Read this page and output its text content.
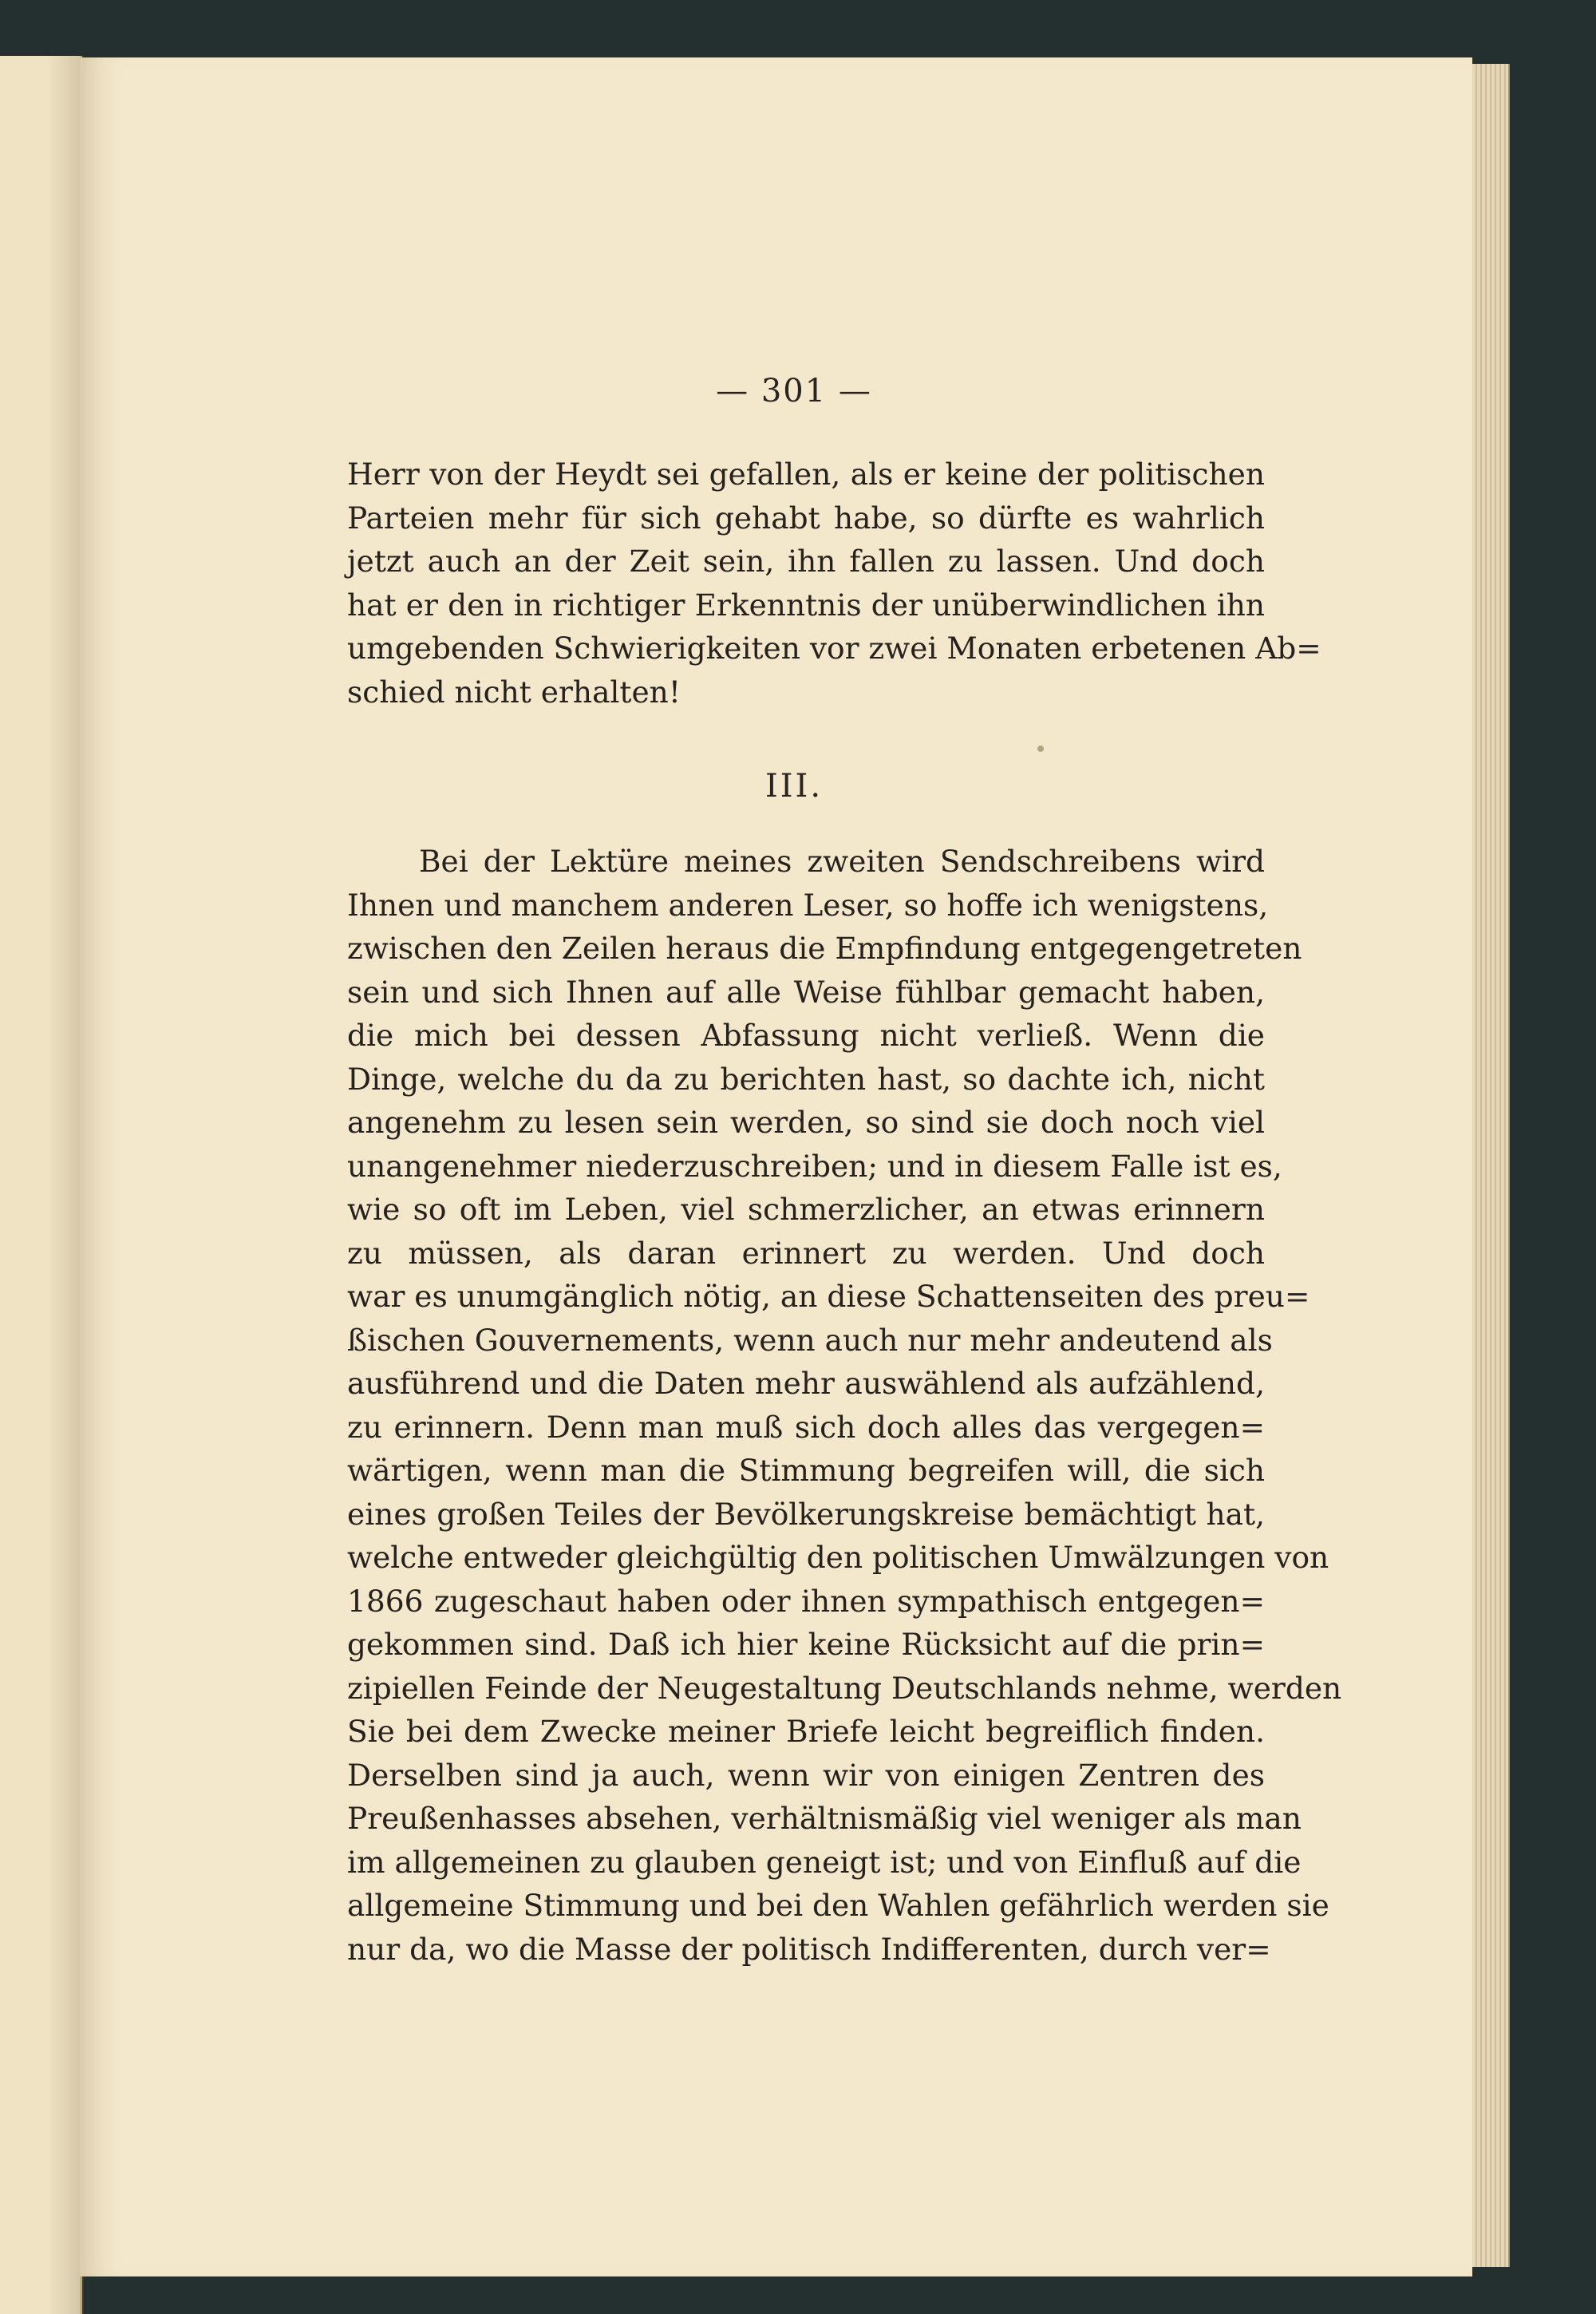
— 301 —
Herr von der Heydt sei gefallen, als er keine der politischen
Parteien mehr für sich gehabt habe, so dürfte es wahrlich
jetzt auch an der Zeit sein, ihn fallen zu lassen. Und doch
hat er den in richtiger Erkenntnis der unüberwindlichen ihn
umgebenden Schwierigkeiten vor zwei Monaten erbetenen Ab=
schied nicht erhalten!
III.
Bei der Lektüre meines zweiten Sendschreibens wird
Ihnen und manchem anderen Leser, so hoffe ich wenigstens,
zwischen den Zeilen heraus die Empfindung entgegengetreten
sein und sich Ihnen auf alle Weise fühlbar gemacht haben,
die mich bei dessen Abfassung nicht verließ. Wenn die
Dinge, welche du da zu berichten hast, so dachte ich, nicht
angenehm zu lesen sein werden, so sind sie doch noch viel
unangenehmer niederzuschreiben; und in diesem Falle ist es,
wie so oft im Leben, viel schmerzlicher, an etwas erinnern
zu müssen, als daran erinnert zu werden. Und doch
war es unumgänglich nötig, an diese Schattenseiten des preu=
ßischen Gouvernements, wenn auch nur mehr andeutend als
ausführend und die Daten mehr auswählend als aufzählend,
zu erinnern. Denn man muß sich doch alles das vergegen=
wärtigen, wenn man die Stimmung begreifen will, die sich
eines großen Teiles der Bevölkerungskreise bemächtigt hat,
welche entweder gleichgültig den politischen Umwälzungen von
1866 zugeschaut haben oder ihnen sympathisch entgegen=
gekommen sind. Daß ich hier keine Rücksicht auf die prin=
zipiellen Feinde der Neugestaltung Deutschlands nehme, werden
Sie bei dem Zwecke meiner Briefe leicht begreiflich finden.
Derselben sind ja auch, wenn wir von einigen Zentren des
Preußenhasses absehen, verhältnismäßig viel weniger als man
im allgemeinen zu glauben geneigt ist; und von Einfluß auf die
allgemeine Stimmung und bei den Wahlen gefährlich werden sie
nur da, wo die Masse der politisch Indifferenten, durch ver=
